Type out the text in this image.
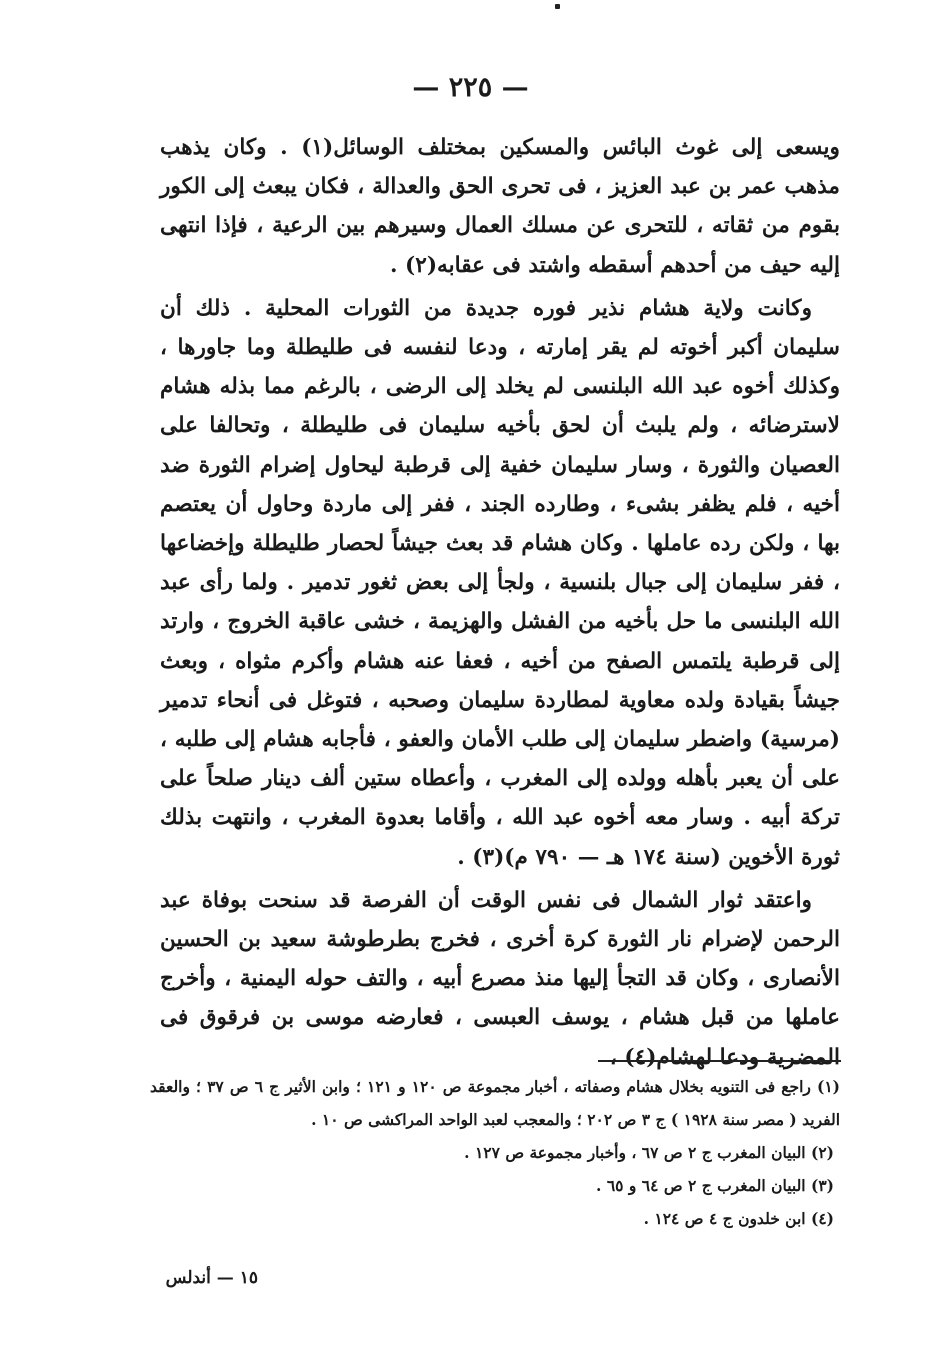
— ٢٢٥ —

ويسعى إلى غوث البائس والمسكين بمختلف الوسائل(١) . وكان يذهب مذهب عمر بن عبد العزيز ، فى تحرى الحق والعدالة ، فكان يبعث إلى الكور بقوم من ثقاته ، للتحرى عن مسلك العمال وسيرهم بين الرعية ، فإذا انتهى إليه حيف من أحدهم أسقطه واشتد فى عقابه(٢) .

وكانت ولاية هشام نذير فوره جديدة من الثورات المحلية . ذلك أن سليمان أكبر أخوته لم يقر إمارته ، ودعا لنفسه فى طليطلة وما جاورها ، وكذلك أخوه عبد الله البلنسى لم يخلد إلى الرضى ، بالرغم مما بذله هشام لاسترضائه ، ولم يلبث أن لحق بأخيه سليمان فى طليطلة ، وتحالفا على العصيان والثورة ، وسار سليمان خفية إلى قرطبة ليحاول إضرام الثورة ضد أخيه ، فلم يظفر بشىء ، وطارده الجند ، ففر إلى ماردة وحاول أن يعتصم بها ، ولكن رده عاملها . وكان هشام قد بعث جيشاً لحصار طليطلة وإخضاعها ، ففر سليمان إلى جبال بلنسية ، ولجأ إلى بعض ثغور تدمير . ولما رأى عبد الله البلنسى ما حل بأخيه من الفشل والهزيمة ، خشى عاقبة الخروج ، وارتد إلى قرطبة يلتمس الصفح من أخيه ، فعفا عنه هشام وأكرم مثواه ، وبعث جيشاً بقيادة ولده معاوية لمطاردة سليمان وصحبه ، فتوغل فى أنحاء تدمير (مرسية) واضطر سليمان إلى طلب الأمان والعفو ، فأجابه هشام إلى طلبه ، على أن يعبر بأهله وولده إلى المغرب ، وأعطاه ستين ألف دينار صلحاً على تركة أبيه . وسار معه أخوه عبد الله ، وأقاما بعدوة المغرب ، وانتهت بذلك ثورة الأخوين (سنة ١٧٤ هـ — ٧٩٠ م)(٣) .

واعتقد ثوار الشمال فى نفس الوقت أن الفرصة قد سنحت بوفاة عبد الرحمن لإضرام نار الثورة كرة أخرى ، فخرج بطرطوشة سعيد بن الحسين الأنصارى ، وكان قد التجأ إليها منذ مصرع أبيه ، والتف حوله اليمنية ، وأخرج عاملها من قبل هشام ، يوسف العبسى ، فعارضه موسى بن فرقوق فى المضرية ودعا لهشام(٤) ،

(١) راجع فى التنويه بخلال هشام وصفاته ، أخبار مجموعة ص ١٢٠ و ١٢١ ؛ وابن الأثير ج ٦ ص ٣٧ ؛ والعقد الفريد ( مصر سنة ١٩٢٨ ) ج ٣ ص ٢٠٢ ؛ والمعجب لعبد الواحد المراكشى ص ١٠ .

(٢) البيان المغرب ج ٢ ص ٦٧ ، وأخبار مجموعة ص ١٢٧ .

(٣) البيان المغرب ج ٢ ص ٦٤ و ٦٥ .

(٤) ابن خلدون ج ٤ ص ١٢٤ .

١٥ — أندلس
